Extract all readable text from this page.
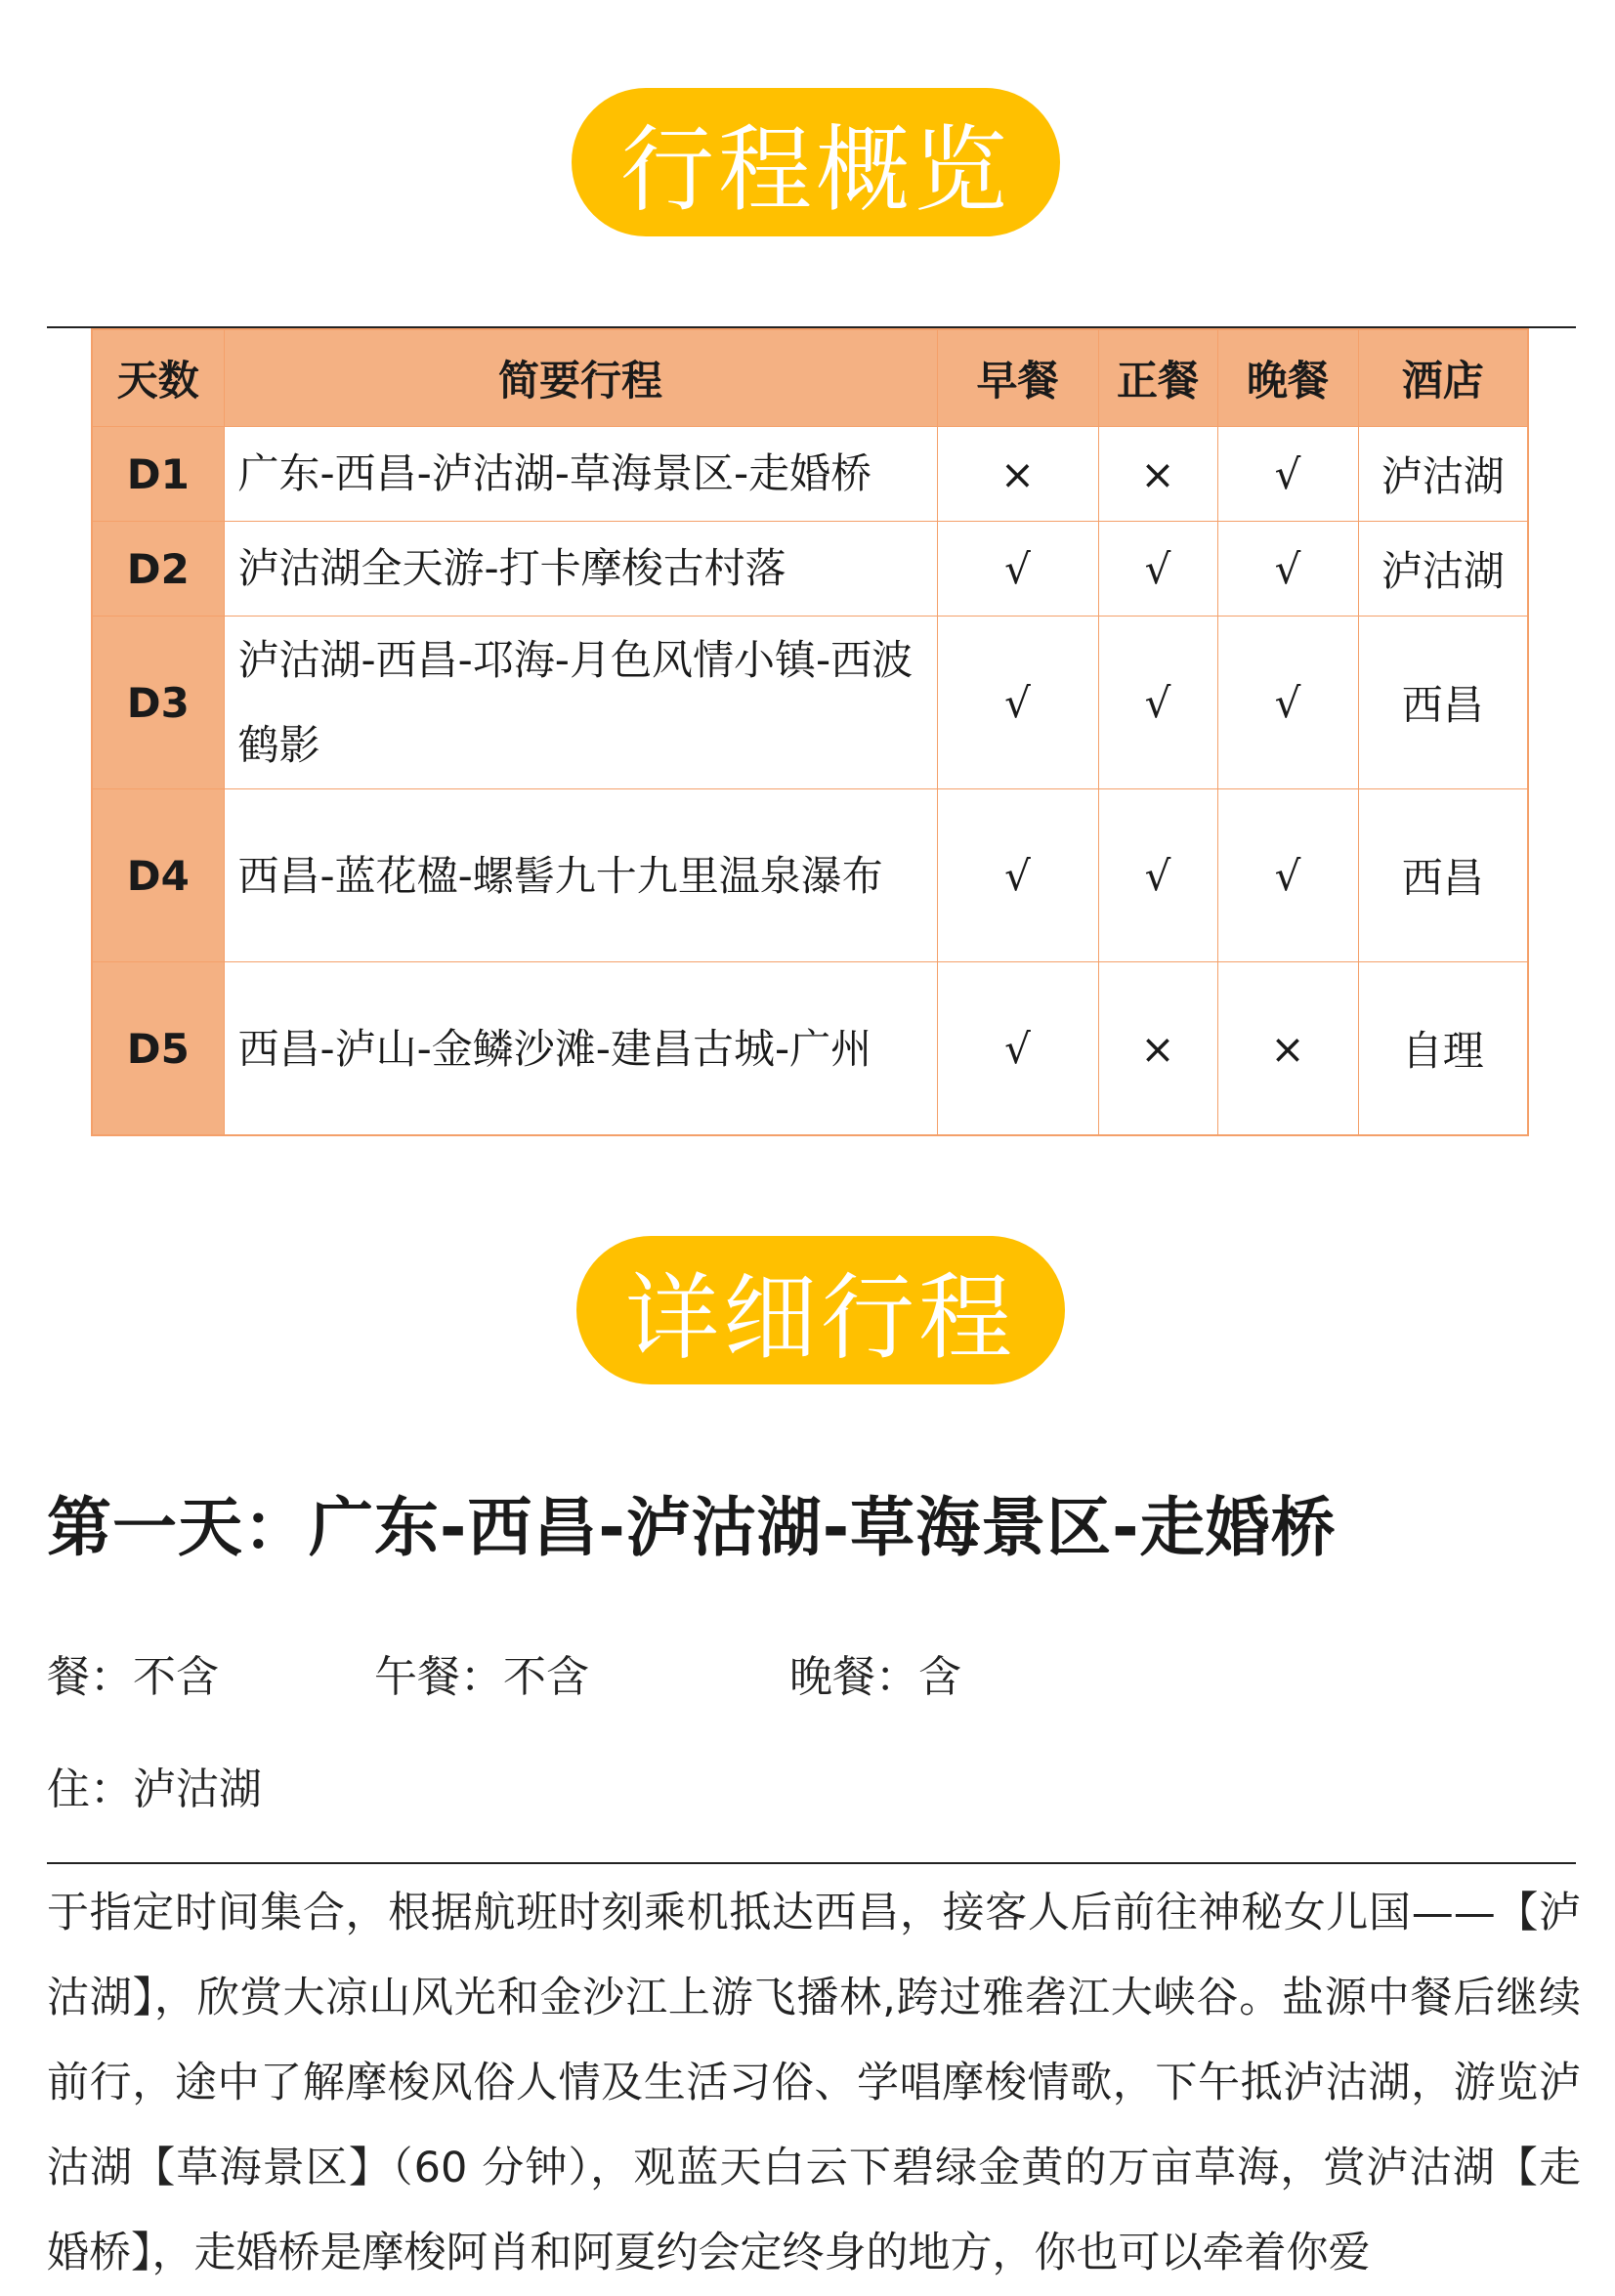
行程概览
天数	简要行程	早餐	正餐	晚餐	酒店
D1	广东-西昌-泸沽湖-草海景区-走婚桥	×	×	√	泸沽湖
D2	泸沽湖全天游-打卡摩梭古村落	√	√	√	泸沽湖
D3	泸沽湖-西昌-邛海-月色风情小镇-西波鹤影	√	√	√	西昌
D4	西昌-蓝花楹-螺髻九十九里温泉瀑布	√	√	√	西昌
D5	西昌-泸山-金鳞沙滩-建昌古城-广州	√	×	×	自理
详细行程
第一天：广东-西昌-泸沽湖-草海景区-走婚桥
餐：不含	午餐：不含	晚餐：含
住：泸沽湖

于指定时间集合，根据航班时刻乘机抵达西昌，接客人后前往神秘女儿国——【泸沽湖】，欣赏大凉山风光和金沙江上游飞播林,跨过雅砻江大峡谷。盐源中餐后继续前行，途中了解摩梭风俗人情及生活习俗、学唱摩梭情歌，下午抵泸沽湖，游览泸沽湖【草海景区】（60 分钟），观蓝天白云下碧绿金黄的万亩草海，赏泸沽湖【走婚桥】，走婚桥是摩梭阿肖和阿夏约会定终身的地方，你也可以牵着你爱
